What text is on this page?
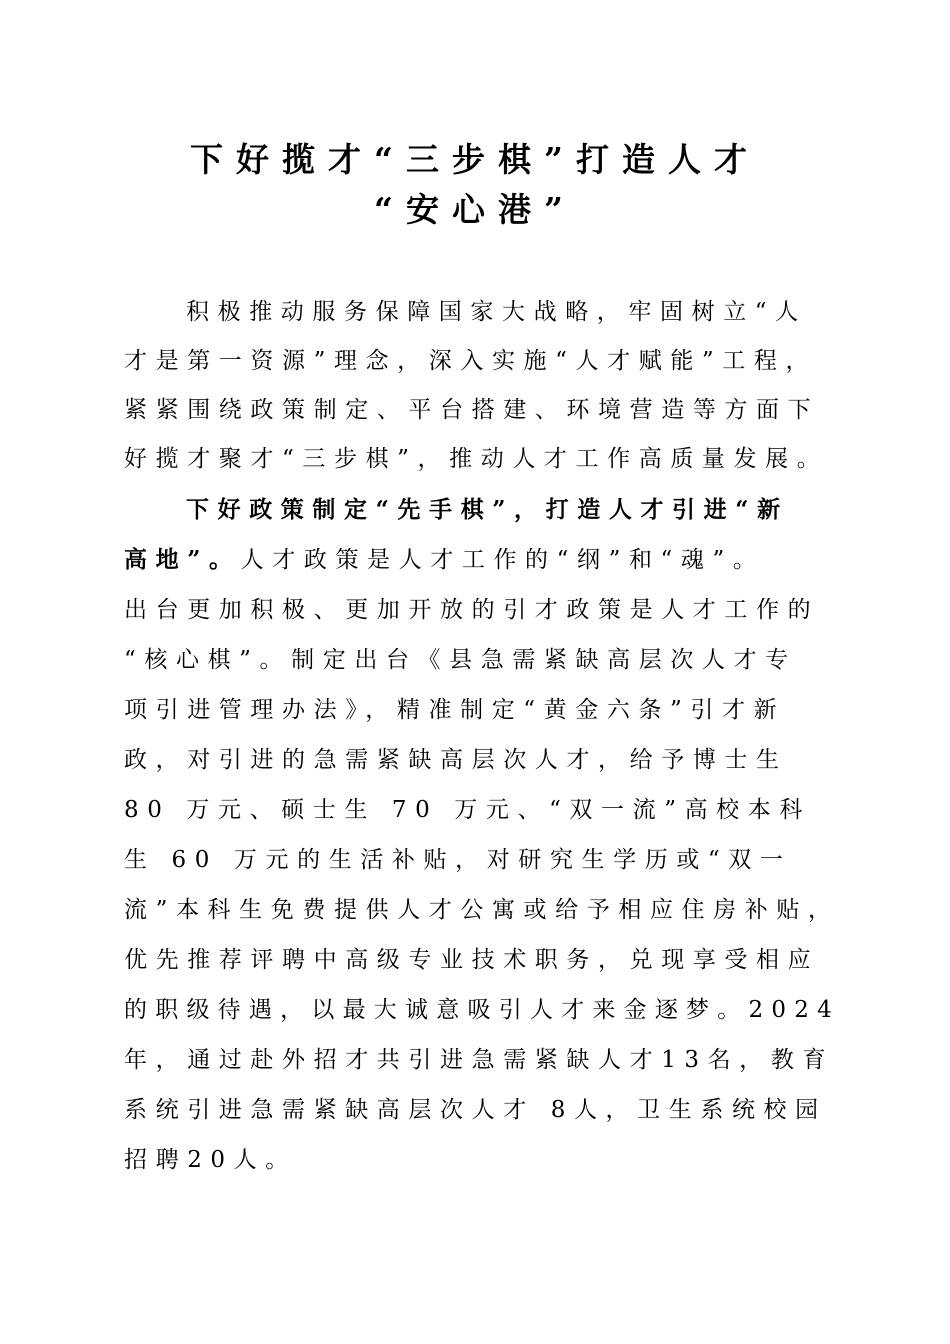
下好揽才“三步棋”打造人才
“安心港”
积极推动服务保障国家大战略，牢固树立“人
才是第一资源”理念，深入实施“人才赋能”工程，
紧紧围绕政策制定、平台搭建、环境营造等方面下
好揽才聚才“三步棋”，推动人才工作高质量发展。
下好政策制定“先手棋”，打造人才引进“新
高地”。人才政策是人才工作的“纲”和“魂”。
出台更加积极、更加开放的引才政策是人才工作的
“核心棋”。制定出台《县急需紧缺高层次人才专
项引进管理办法》，精准制定“黄金六条”引才新
政，对引进的急需紧缺高层次人才，给予博士生
80 万元、硕士生 70 万元、“双一流”高校本科
生 60 万元的生活补贴，对研究生学历或“双一
流”本科生免费提供人才公寓或给予相应住房补贴，
优先推荐评聘中高级专业技术职务，兑现享受相应
的职级待遇，以最大诚意吸引人才来金逐梦。2024
年，通过赴外招才共引进急需紧缺人才13名，教育
系统引进急需紧缺高层次人才 8人，卫生系统校园
招聘20人。
